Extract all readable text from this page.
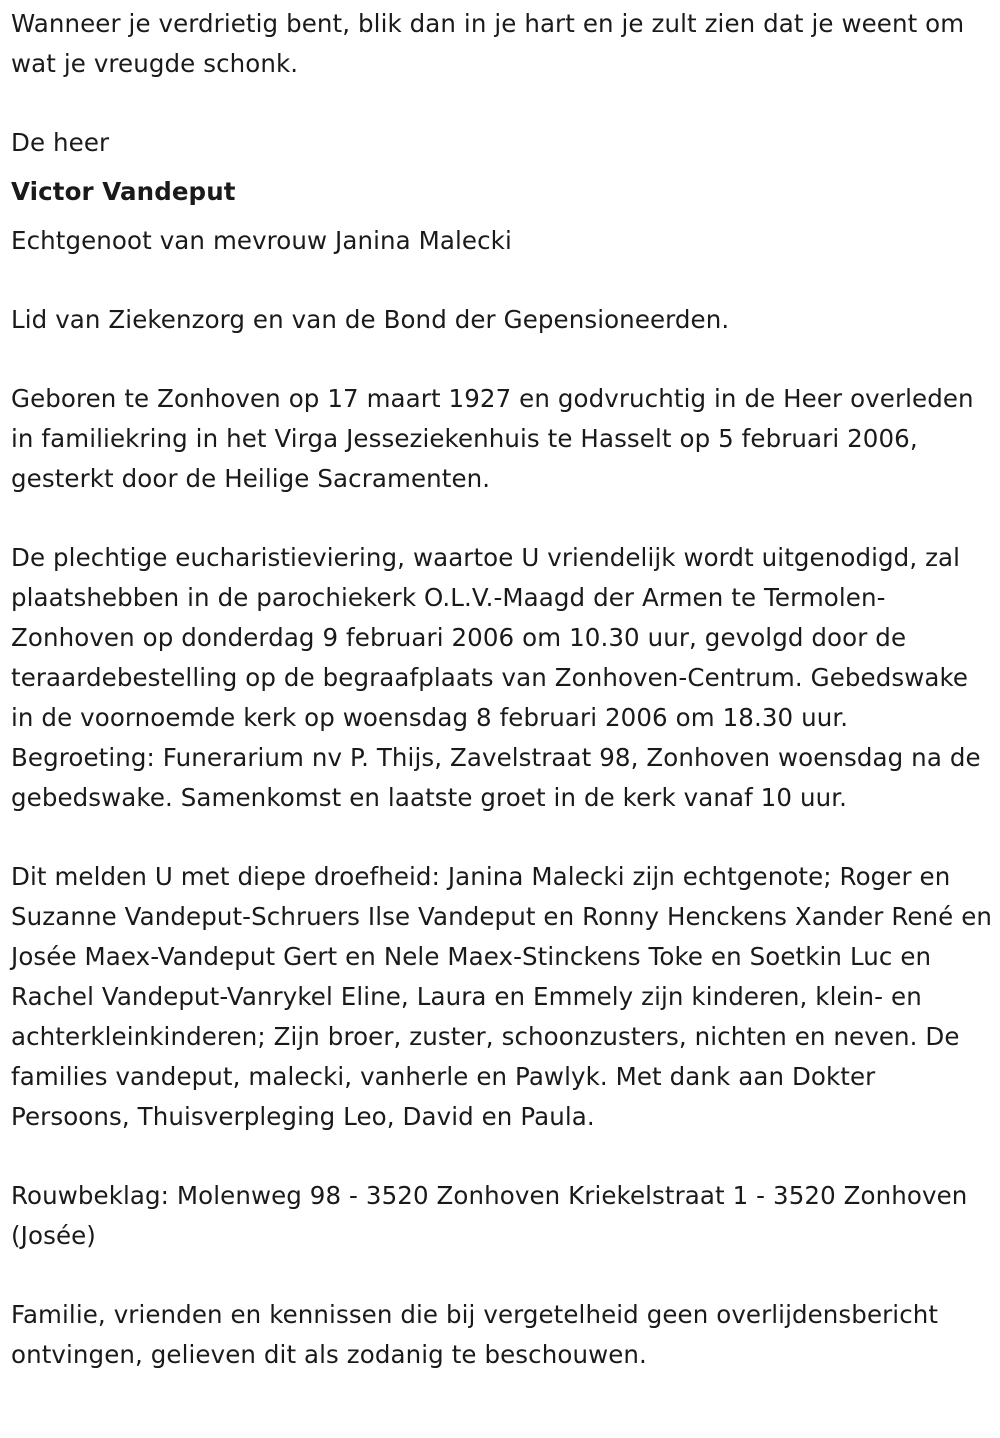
Wanneer je verdrietig bent, blik dan in je hart en je zult zien dat je weent om wat je vreugde schonk.

De heer

Victor Vandeput

Echtgenoot van mevrouw Janina Malecki

Lid van Ziekenzorg en van de Bond der Gepensioneerden.

Geboren te Zonhoven op 17 maart 1927 en godvruchtig in de Heer overleden in familiekring in het Virga Jesseziekenhuis te Hasselt op 5 februari 2006, gesterkt door de Heilige Sacramenten.

De plechtige eucharistieviering, waartoe U vriendelijk wordt uitgenodigd, zal plaatshebben in de parochiekerk O.L.V.-Maagd der Armen te Termolen-Zonhoven op donderdag 9 februari 2006 om 10.30 uur, gevolgd door de teraardebestelling op de begraafplaats van Zonhoven-Centrum. Gebedswake in de voornoemde kerk op woensdag 8 februari 2006 om 18.30 uur. Begroeting: Funerarium nv P. Thijs, Zavelstraat 98, Zonhoven woensdag na de gebedswake. Samenkomst en laatste groet in de kerk vanaf 10 uur.

Dit melden U met diepe droefheid: Janina Malecki zijn echtgenote; Roger en Suzanne Vandeput-Schruers Ilse Vandeput en Ronny Henckens Xander René en Josée Maex-Vandeput Gert en Nele Maex-Stinckens Toke en Soetkin Luc en Rachel Vandeput-Vanrykel Eline, Laura en Emmely zijn kinderen, klein- en achterkleinkinderen; Zijn broer, zuster, schoonzusters, nichten en neven. De families vandeput, malecki, vanherle en Pawlyk. Met dank aan Dokter Persoons, Thuisverpleging Leo, David en Paula.

Rouwbeklag: Molenweg 98 - 3520 Zonhoven Kriekelstraat 1 - 3520 Zonhoven (Josée)

Familie, vrienden en kennissen die bij vergetelheid geen overlijdensbericht ontvingen, gelieven dit als zodanig te beschouwen.
